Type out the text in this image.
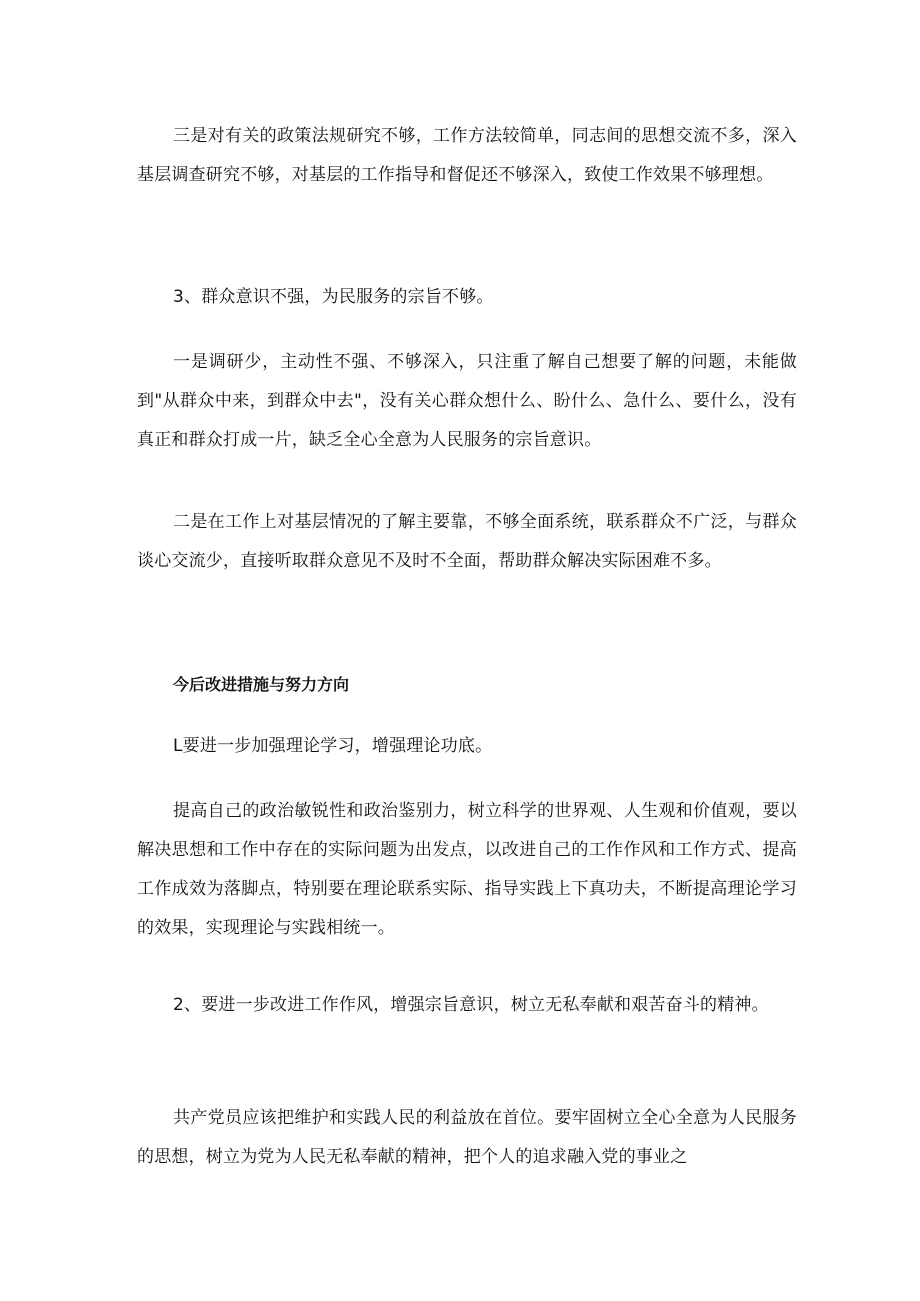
三是对有关的政策法规研究不够，工作方法较简单，同志间的思想交流不多，深入基层调查研究不够，对基层的工作指导和督促还不够深入，致使工作效果不够理想。

3、群众意识不强，为民服务的宗旨不够。

一是调研少，主动性不强、不够深入，只注重了解自己想要了解的问题，未能做到"从群众中来，到群众中去"，没有关心群众想什么、盼什么、急什么、要什么，没有真正和群众打成一片，缺乏全心全意为人民服务的宗旨意识。

二是在工作上对基层情况的了解主要靠，不够全面系统，联系群众不广泛，与群众谈心交流少，直接听取群众意见不及时不全面，帮助群众解决实际困难不多。

今后改进措施与努力方向

L要进一步加强理论学习，增强理论功底。

提高自己的政治敏锐性和政治鉴别力，树立科学的世界观、人生观和价值观，要以解决思想和工作中存在的实际问题为出发点，以改进自己的工作作风和工作方式、提高工作成效为落脚点，特别要在理论联系实际、指导实践上下真功夫，不断提高理论学习的效果，实现理论与实践相统一。

2、要进一步改进工作作风，增强宗旨意识，树立无私奉献和艰苦奋斗的精神。

共产党员应该把维护和实践人民的利益放在首位。要牢固树立全心全意为人民服务的思想，树立为党为人民无私奉献的精神，把个人的追求融入党的事业之
